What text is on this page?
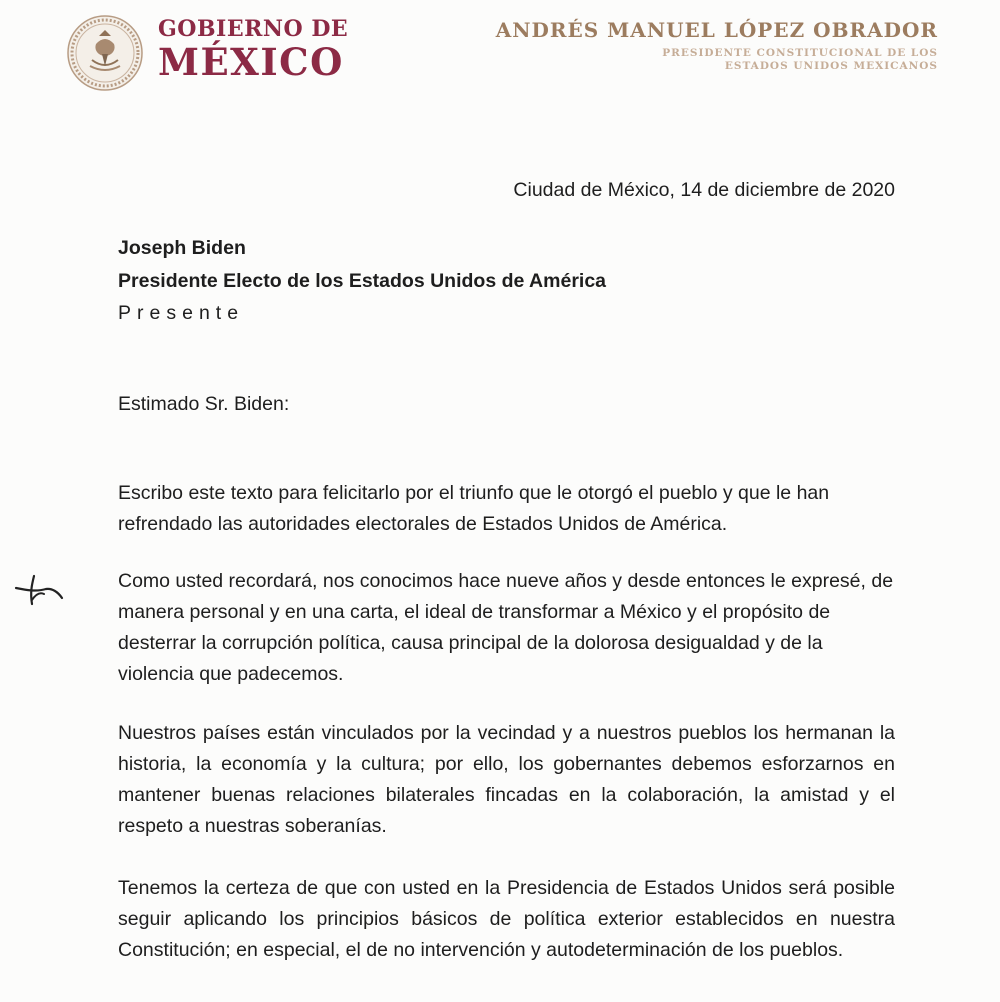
GOBIERNO DE
MÉXICO
ANDRÉS MANUEL LÓPEZ OBRADOR
PRESIDENTE CONSTITUCIONAL DE LOS
ESTADOS UNIDOS MEXICANOS
Ciudad de México, 14 de diciembre de 2020
Joseph Biden
Presidente Electo de los Estados Unidos de América
Presente
Estimado Sr. Biden:
Escribo este texto para felicitarlo por el triunfo que le otorgó el pueblo y que le han refrendado las autoridades electorales de Estados Unidos de América.
Como usted recordará, nos conocimos hace nueve años y desde entonces le expresé, de manera personal y en una carta, el ideal de transformar a México y el propósito de desterrar la corrupción política, causa principal de la dolorosa desigualdad y de la violencia que padecemos.
Nuestros países están vinculados por la vecindad y a nuestros pueblos los hermanan la historia, la economía y la cultura; por ello, los gobernantes debemos esforzarnos en mantener buenas relaciones bilaterales fincadas en la colaboración, la amistad y el respeto a nuestras soberanías.
Tenemos la certeza de que con usted en la Presidencia de Estados Unidos será posible seguir aplicando los principios básicos de política exterior establecidos en nuestra Constitución; en especial, el de no intervención y autodeterminación de los pueblos.
